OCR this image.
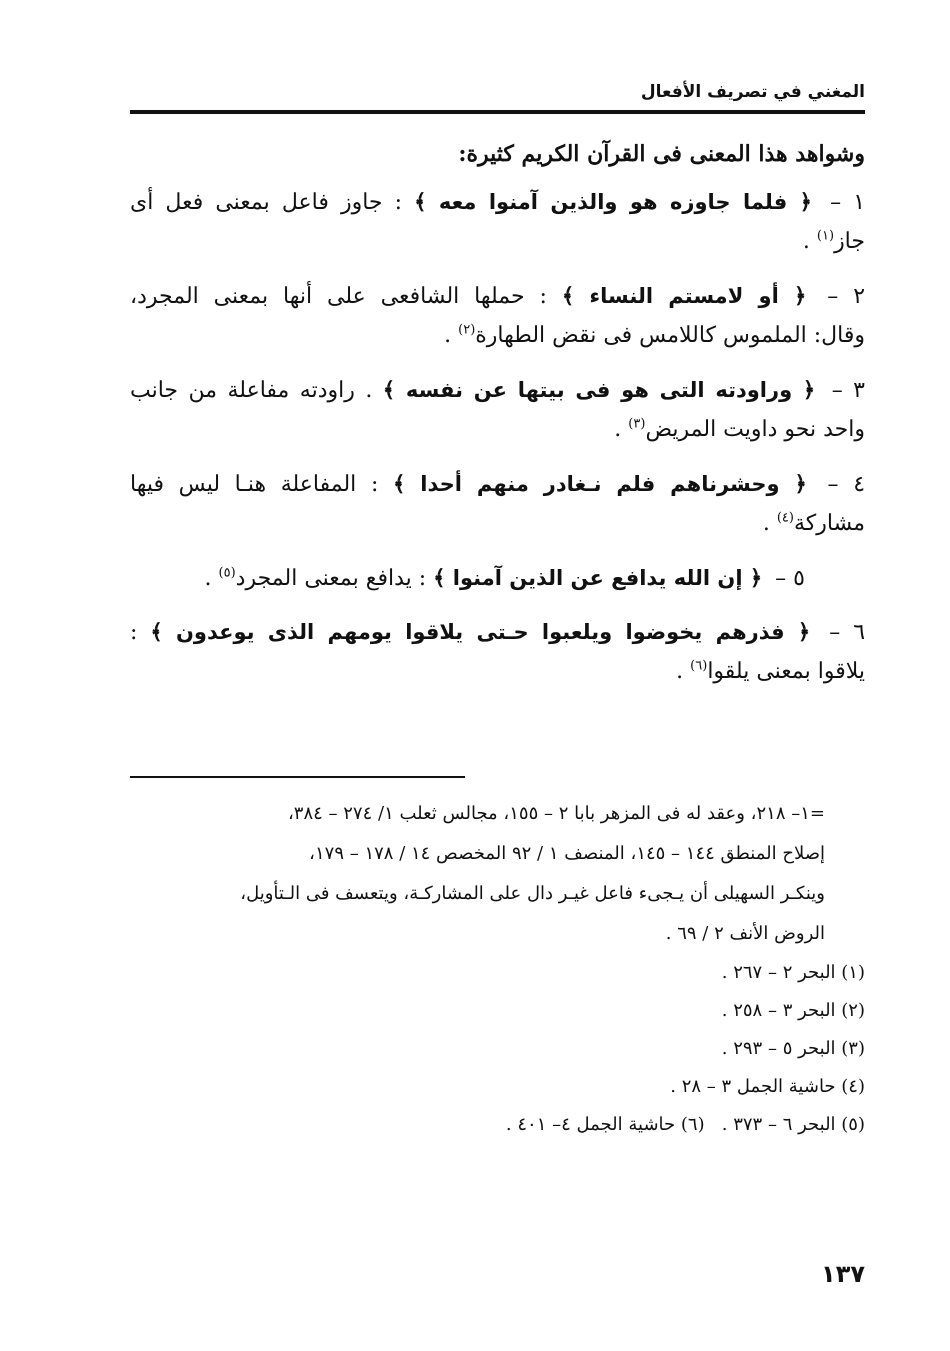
المغني في تصريف الأفعال
وشواهد هذا المعنى فى القرآن الكريم كثيرة:
١ – ﴿ فلما جاوزه هو والذين آمنوا معه ﴾ : جاوز فاعل بمعنى فعل أى
جاز$^{(١)}$ .
٢ – ﴿ أو لامستم النساء ﴾ : حملها الشافعى على أنها بمعنى المجرد،
وقال: الملموس كاللامس فى نقض الطهارة$^{(٢)}$ .
٣ – ﴿ وراودته التى هو فى بيتها عن نفسه ﴾ . راودته مفاعلة من جانب
واحد نحو داويت المريض$^{(٣)}$ .
٤ – ﴿ وحشرناهم فلم نـغادر منهم أحدا ﴾ : المفاعلة هنـا ليس فيها
مشاركة$^{(٤)}$ .
٥ – ﴿ إن الله يدافع عن الذين آمنوا ﴾ : يدافع بمعنى المجرد$^{(٥)}$ .
٦ – ﴿ فذرهم يخوضوا ويلعبوا حـتى يلاقوا يومهم الذى يوعدون ﴾ :
يلاقوا بمعنى يلقوا$^{(٦)}$ .
=١– ٢١٨، وعقد له فى المزهر بابا ٢ – ١٥٥، مجالس ثعلب ١/ ٢٧٤ – ٣٨٤،
إصلاح المنطق ١٤٤ – ١٤٥، المنصف ١ / ٩٢ المخصص ١٤ / ١٧٨ – ١٧٩،
وينكـر السهيلى أن يـجىء فاعل غيـر دال على المشاركـة، ويتعسف فى الـتأويل،
الروض الأنف ٢ / ٦٩ .
(١) البحر ٢ – ٢٦٧ .
(٢) البحر ٣ – ٢٥٨ .
(٣) البحر ٥ – ٢٩٣ .
(٤) حاشية الجمل ٣ – ٢٨ .
(٥) البحر ٦ – ٣٧٣ .   (٦) حاشية الجمل ٤– ٤٠١ .
١٣٧
